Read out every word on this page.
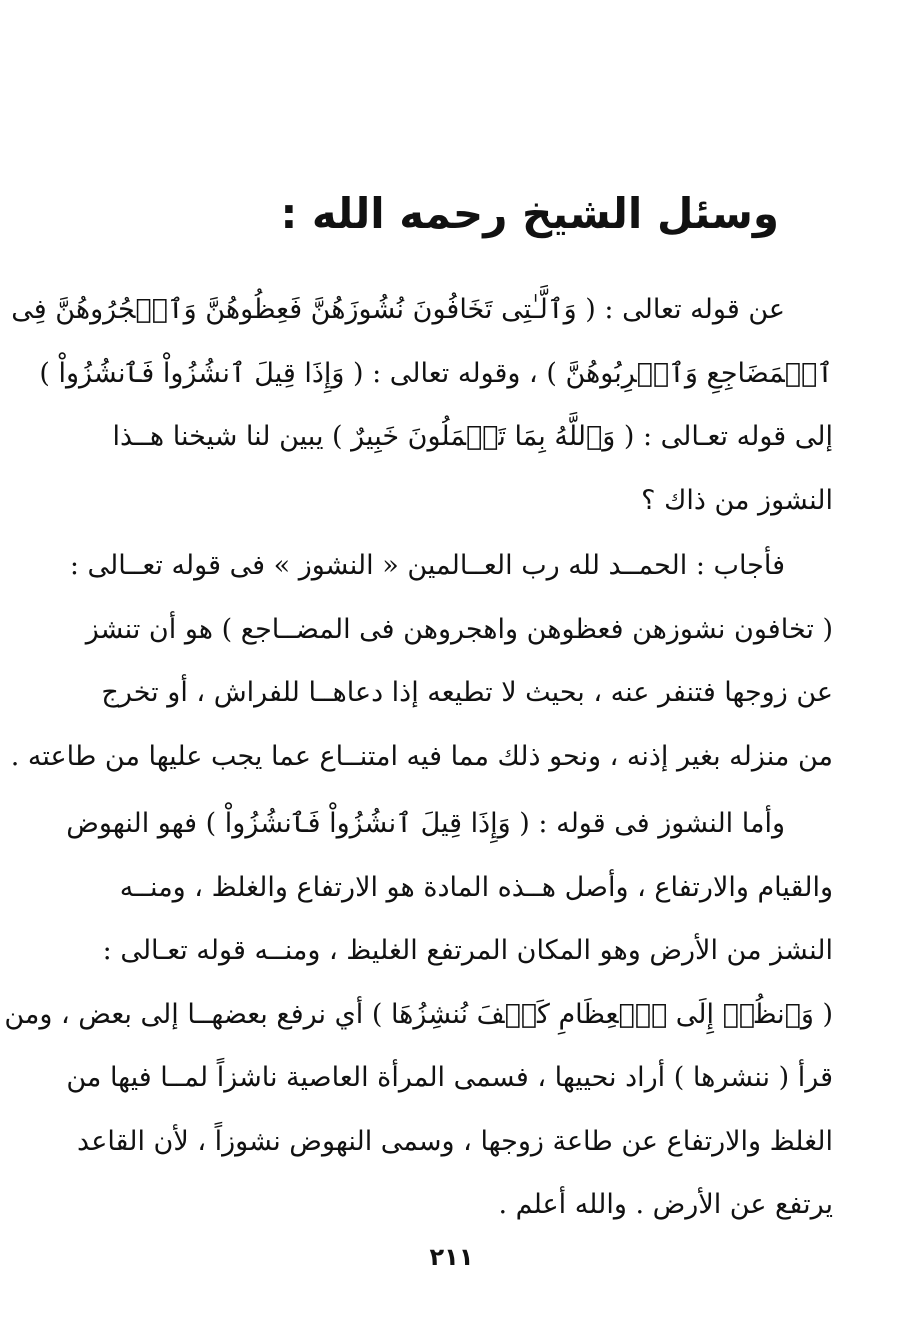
وسئل الشيخ رحمه الله :

عن قوله تعالى : ( وَٱلَّـٰتِى تَخَافُونَ نُشُوزَهُنَّ فَعِظُوهُنَّ وَٱهۡجُرُوهُنَّ فِى
ٱلۡمَضَاجِعِ وَٱضۡرِبُوهُنَّ ) ، وقوله تعالى : ( وَإِذَا قِيلَ ٱنشُزُواْ فَٱنشُزُواْ )
إلى قوله تعـالى : ( وَٱللَّهُ بِمَا تَعۡمَلُونَ خَبِيرٌ ) يبين لنا شيخنا هــذا
النشوز من ذاك ؟

فأجاب : الحمــد لله رب العــالمين « النشوز » فى قوله تعــالى :
( تخافون نشوزهن فعظوهن واهجروهن فى المضــاجع ) هو أن تنشز
عن زوجها فتنفر عنه ، بحيث لا تطيعه إذا دعاهــا للفراش ، أو تخرج
من منزله بغير إذنه ، ونحو ذلك مما فيه امتنــاع عما يجب عليها من طاعته .

وأما النشوز فى قوله : ( وَإِذَا قِيلَ ٱنشُزُواْ فَٱنشُزُواْ ) فهو النهوض
والقيام والارتفاع ، وأصل هــذه المادة هو الارتفاع والغلظ ، ومنــه
النشز من الأرض وهو المكان المرتفع الغليظ ، ومنــه قوله تعـالى :
( وَٱنظُرۡ إِلَى ٱلۡعِظَامِ كَيۡفَ نُنشِزُهَا ) أي نرفع بعضهــا إلى بعض ، ومن
قرأ ( ننشرها ) أراد نحييها ، فسمى المرأة العاصية ناشزاً لمــا فيها من
الغلظ والارتفاع عن طاعة زوجها ، وسمى النهوض نشوزاً ، لأن القاعد
يرتفع عن الأرض . والله أعلم .

٢١١
